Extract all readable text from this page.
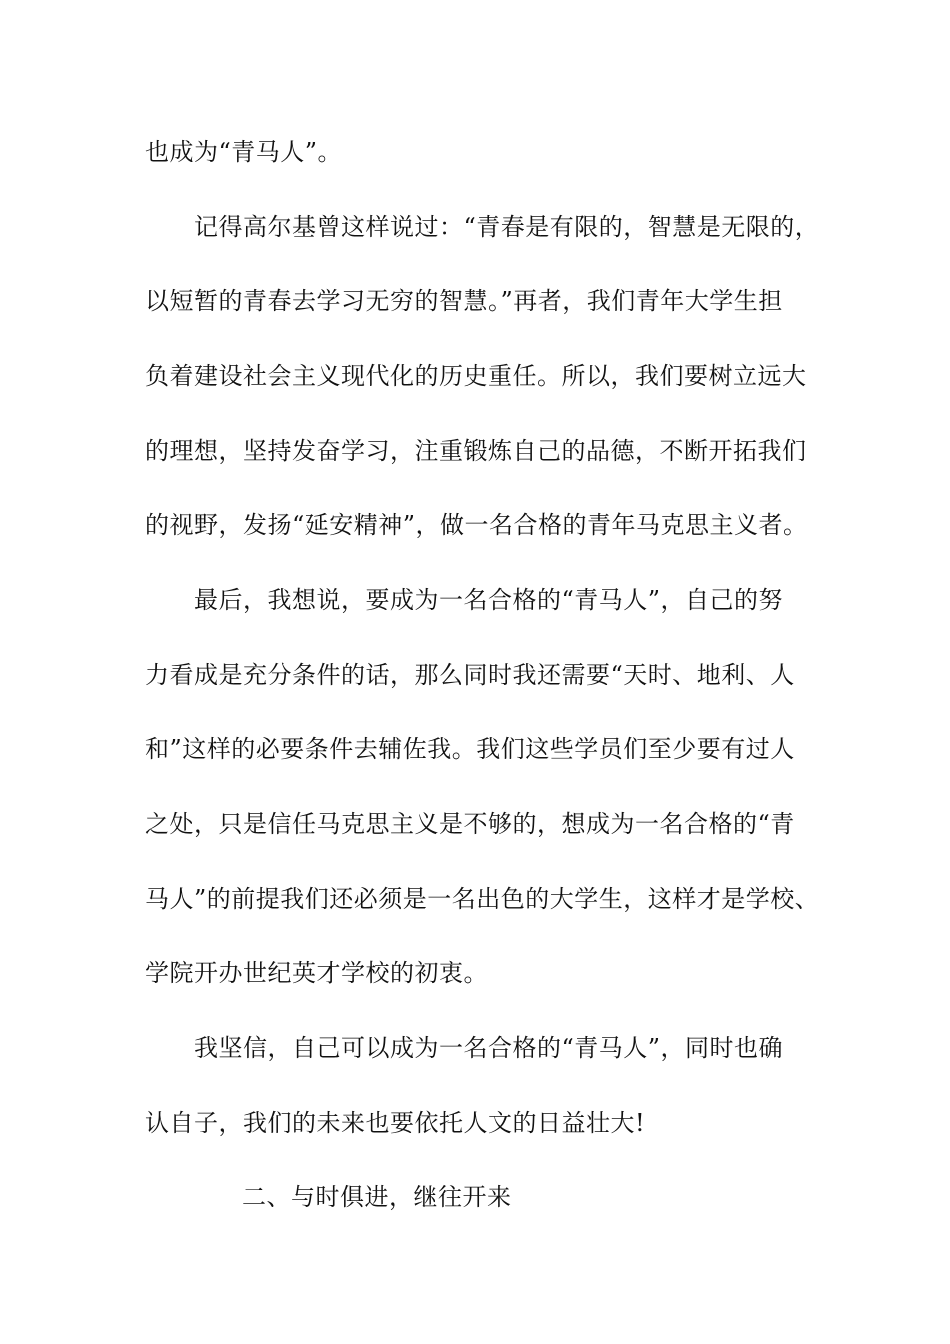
也成为“青马人”。
记得高尔基曾这样说过：“青春是有限的，智慧是无限的，
以短暂的青春去学习无穷的智慧。”再者，我们青年大学生担
负着建设社会主义现代化的历史重任。所以，我们要树立远大
的理想，坚持发奋学习，注重锻炼自己的品德，不断开拓我们
的视野，发扬“延安精神”，做一名合格的青年马克思主义者。
最后，我想说，要成为一名合格的“青马人”，自己的努
力看成是充分条件的话，那么同时我还需要“天时、地利、人
和”这样的必要条件去辅佐我。我们这些学员们至少要有过人
之处，只是信任马克思主义是不够的，想成为一名合格的“青
马人”的前提我们还必须是一名出色的大学生，这样才是学校、
学院开办世纪英才学校的初衷。
我坚信，自己可以成为一名合格的“青马人”，同时也确
认自子，我们的未来也要依托人文的日益壮大!
二、与时俱进，继往开来
